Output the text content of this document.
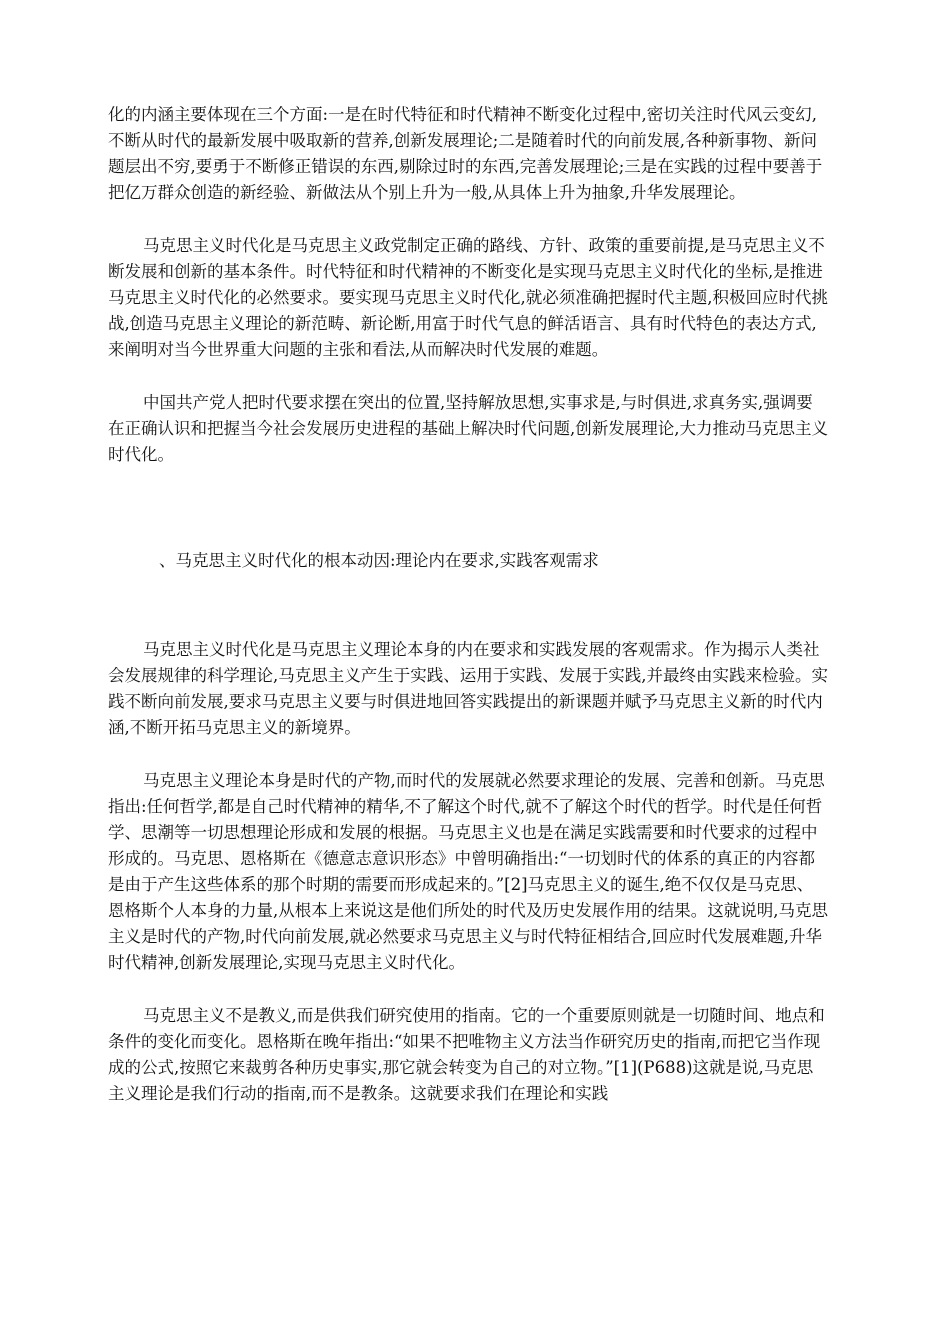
化的内涵主要体现在三个方面:一是在时代特征和时代精神不断变化过程中,密切关注时代风云变幻,不断从时代的最新发展中吸取新的营养,创新发展理论;二是随着时代的向前发展,各种新事物、新问题层出不穷,要勇于不断修正错误的东西,剔除过时的东西,完善发展理论;三是在实践的过程中要善于把亿万群众创造的新经验、新做法从个别上升为一般,从具体上升为抽象,升华发展理论。

马克思主义时代化是马克思主义政党制定正确的路线、方针、政策的重要前提,是马克思主义不断发展和创新的基本条件。时代特征和时代精神的不断变化是实现马克思主义时代化的坐标,是推进马克思主义时代化的必然要求。要实现马克思主义时代化,就必须准确把握时代主题,积极回应时代挑战,创造马克思主义理论的新范畴、新论断,用富于时代气息的鲜活语言、具有时代特色的表达方式,来阐明对当今世界重大问题的主张和看法,从而解决时代发展的难题。

中国共产党人把时代要求摆在突出的位置,坚持解放思想,实事求是,与时俱进,求真务实,强调要在正确认识和把握当今社会发展历史进程的基础上解决时代问题,创新发展理论,大力推动马克思主义时代化。

、马克思主义时代化的根本动因:理论内在要求,实践客观需求

马克思主义时代化是马克思主义理论本身的内在要求和实践发展的客观需求。作为揭示人类社会发展规律的科学理论,马克思主义产生于实践、运用于实践、发展于实践,并最终由实践来检验。实践不断向前发展,要求马克思主义要与时俱进地回答实践提出的新课题并赋予马克思主义新的时代内涵,不断开拓马克思主义的新境界。

马克思主义理论本身是时代的产物,而时代的发展就必然要求理论的发展、完善和创新。马克思指出:任何哲学,都是自己时代精神的精华,不了解这个时代,就不了解这个时代的哲学。时代是任何哲学、思潮等一切思想理论形成和发展的根据。马克思主义也是在满足实践需要和时代要求的过程中形成的。马克思、恩格斯在《德意志意识形态》中曾明确指出:“一切划时代的体系的真正的内容都是由于产生这些体系的那个时期的需要而形成起来的。”[2]马克思主义的诞生,绝不仅仅是马克思、恩格斯个人本身的力量,从根本上来说这是他们所处的时代及历史发展作用的结果。这就说明,马克思主义是时代的产物,时代向前发展,就必然要求马克思主义与时代特征相结合,回应时代发展难题,升华时代精神,创新发展理论,实现马克思主义时代化。

马克思主义不是教义,而是供我们研究使用的指南。它的一个重要原则就是一切随时间、地点和条件的变化而变化。恩格斯在晚年指出:“如果不把唯物主义方法当作研究历史的指南,而把它当作现成的公式,按照它来裁剪各种历史事实,那它就会转变为自己的对立物。”[1](P688)这就是说,马克思主义理论是我们行动的指南,而不是教条。这就要求我们在理论和实践
